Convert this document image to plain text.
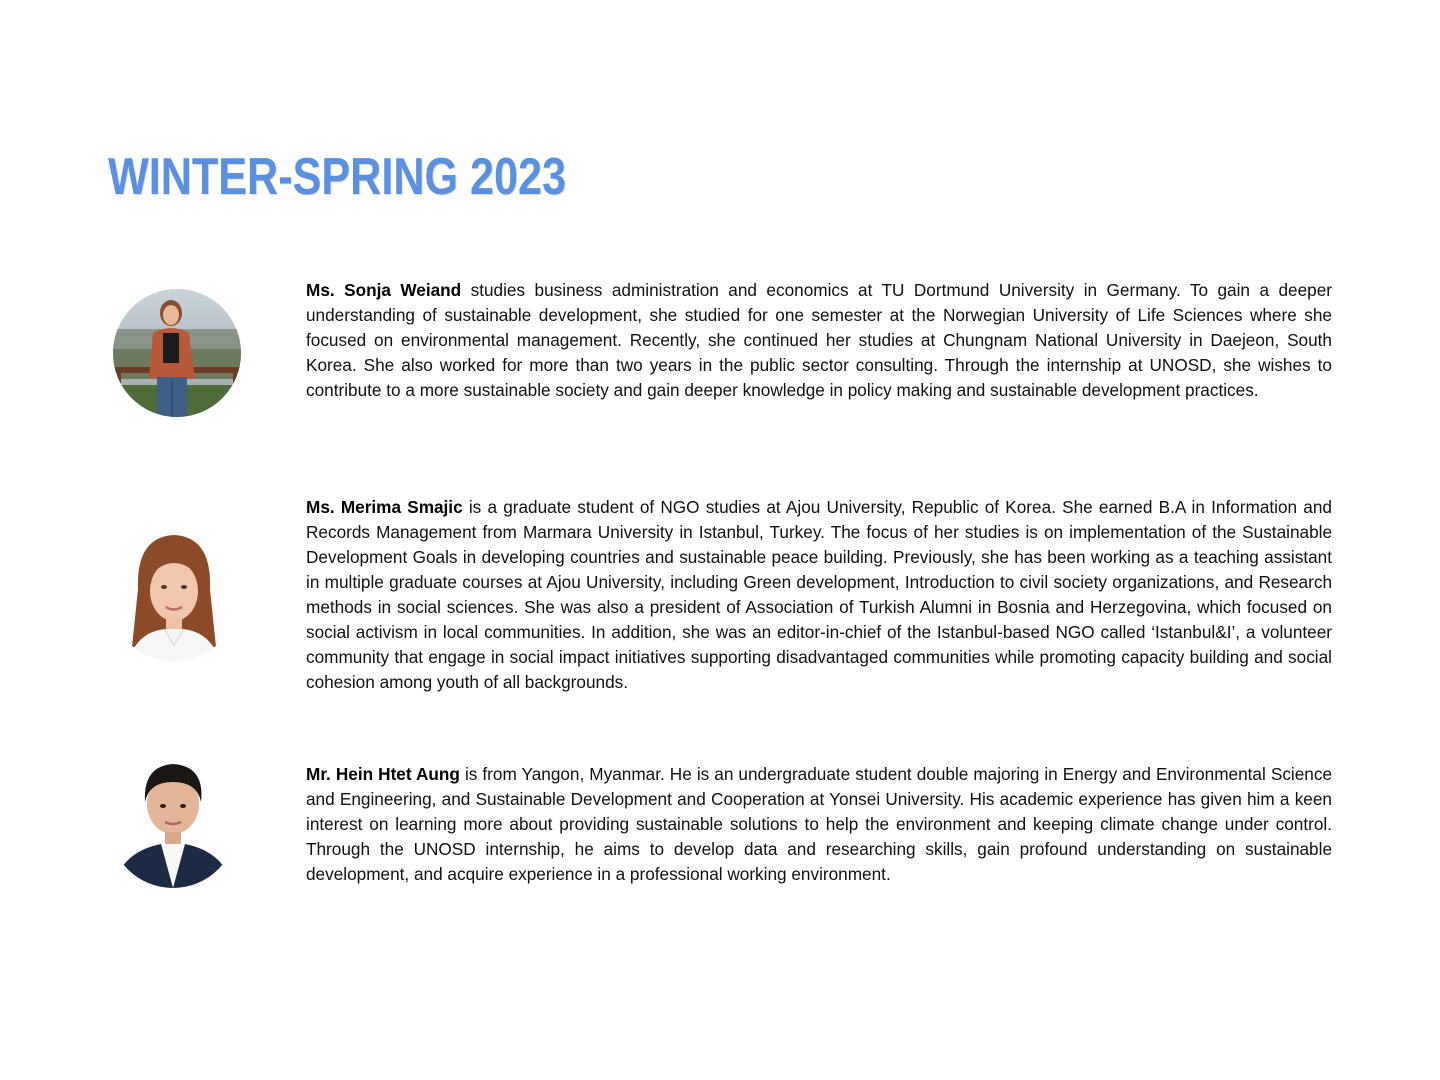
WINTER-SPRING 2023

Ms. Sonja Weiand studies business administration and economics at TU Dortmund University in Germany. To gain a deeper understanding of sustainable development, she studied for one semester at the Norwegian University of Life Sciences where she focused on environmental management. Recently, she continued her studies at Chungnam National University in Daejeon, South Korea. She also worked for more than two years in the public sector consulting. Through the internship at UNOSD, she wishes to contribute to a more sustainable society and gain deeper knowledge in policy making and sustainable development practices.

Ms. Merima Smajic is a graduate student of NGO studies at Ajou University, Republic of Korea. She earned B.A in Information and Records Management from Marmara University in Istanbul, Turkey. The focus of her studies is on implementation of the Sustainable Development Goals in developing countries and sustainable peace building. Previously, she has been working as a teaching assistant in multiple graduate courses at Ajou University, including Green development, Introduction to civil society organizations, and Research methods in social sciences. She was also a president of Association of Turkish Alumni in Bosnia and Herzegovina, which focused on social activism in local communities. In addition, she was an editor-in-chief of the Istanbul-based NGO called ‘Istanbul&I’, a volunteer community that engage in social impact initiatives supporting disadvantaged communities while promoting capacity building and social cohesion among youth of all backgrounds.

Mr. Hein Htet Aung is from Yangon, Myanmar. He is an undergraduate student double majoring in Energy and Environmental Science and Engineering, and Sustainable Development and Cooperation at Yonsei University. His academic experience has given him a keen interest on learning more about providing sustainable solutions to help the environment and keeping climate change under control. Through the UNOSD internship, he aims to develop data and researching skills, gain profound understanding on sustainable development, and acquire experience in a professional working environment.
